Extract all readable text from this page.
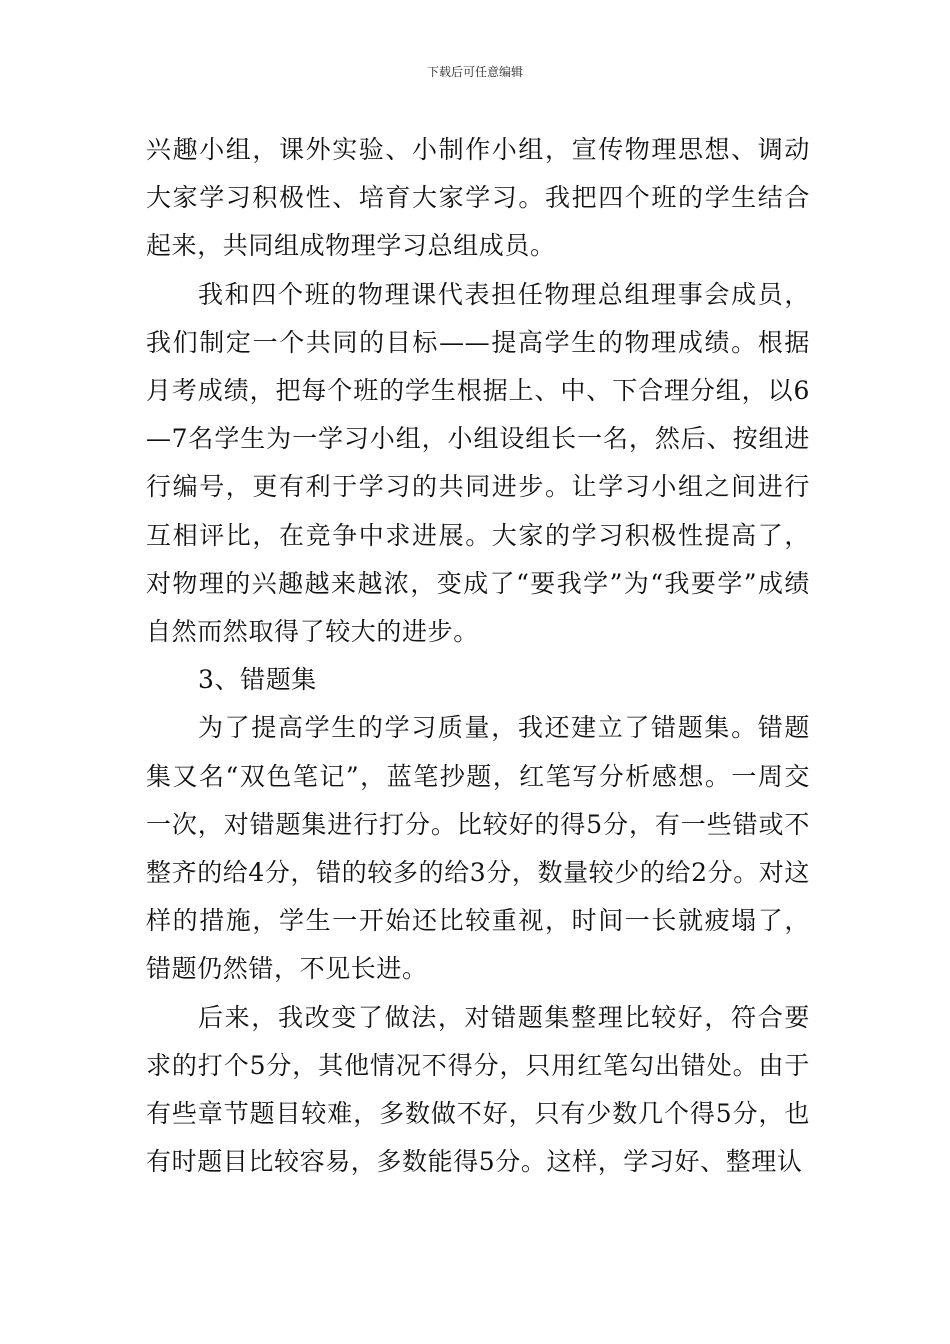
下载后可任意编辑

兴趣小组，课外实验、小制作小组，宣传物理思想、调动大家学习积极性、培育大家学习。我把四个班的学生结合起来，共同组成物理学习总组成员。

我和四个班的物理课代表担任物理总组理事会成员，我们制定一个共同的目标——提高学生的物理成绩。根据月考成绩，把每个班的学生根据上、中、下合理分组，以6—7名学生为一学习小组，小组设组长一名，然后、按组进行编号，更有利于学习的共同进步。让学习小组之间进行互相评比，在竞争中求进展。大家的学习积极性提高了，对物理的兴趣越来越浓，变成了“要我学”为“我要学”成绩自然而然取得了较大的进步。

3、错题集

为了提高学生的学习质量，我还建立了错题集。错题集又名“双色笔记”，蓝笔抄题，红笔写分析感想。一周交一次，对错题集进行打分。比较好的得5分，有一些错或不整齐的给4分，错的较多的给3分，数量较少的给2分。对这样的措施，学生一开始还比较重视，时间一长就疲塌了，错题仍然错，不见长进。

后来，我改变了做法，对错题集整理比较好，符合要求的打个5分，其他情况不得分，只用红笔勾出错处。由于有些章节题目较难，多数做不好，只有少数几个得5分，也有时题目比较容易，多数能得5分。这样，学习好、整理认
